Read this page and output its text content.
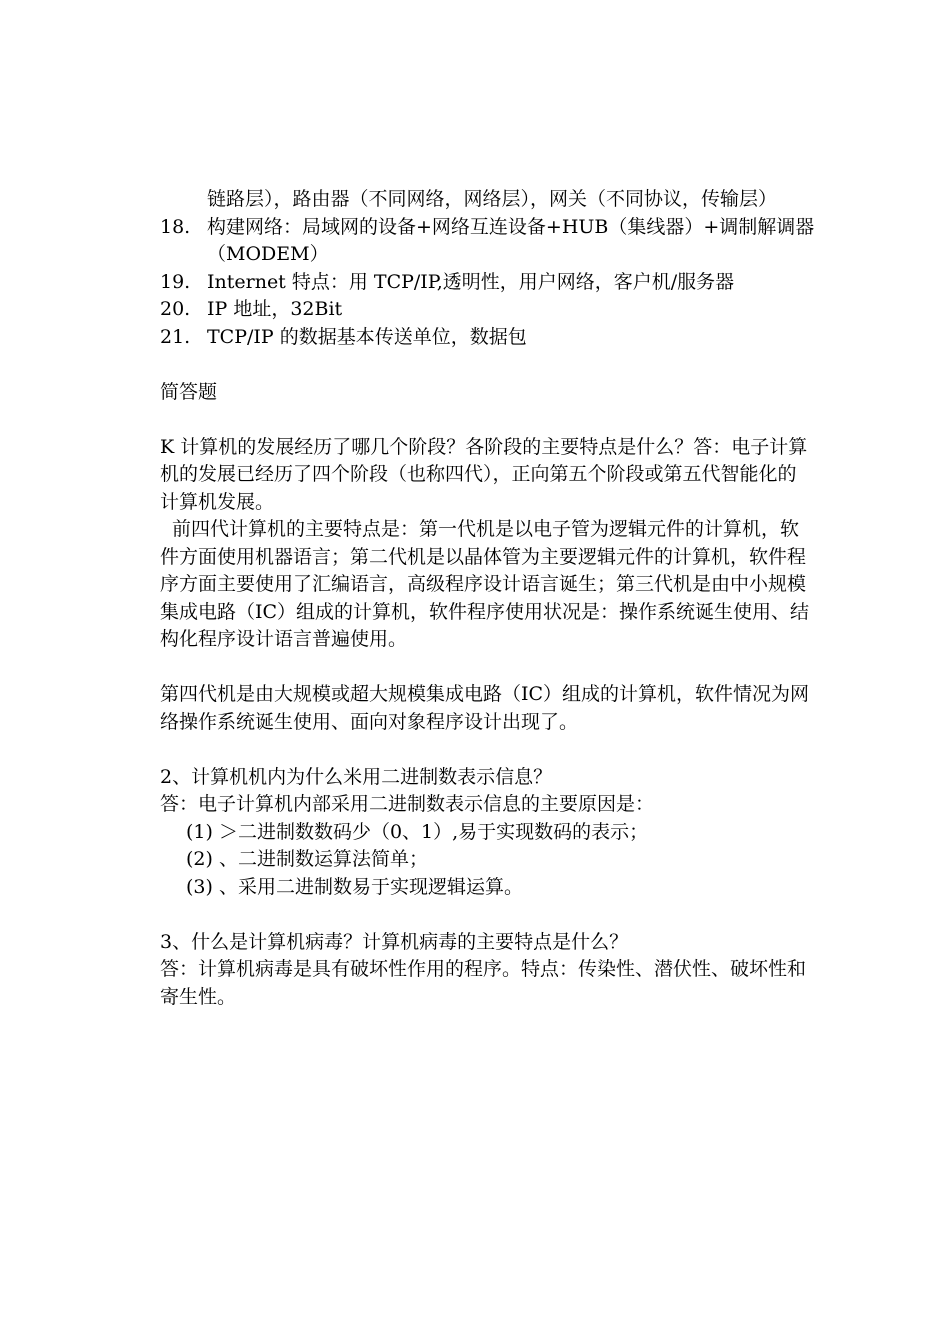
链路层），路由器（不同网络，网络层），网关（不同协议，传输层）
18. 构建网络：局域网的设备+网络互连设备+HUB（集线器）+调制解调器
（MODEM）
19. Internet 特点：用 TCP/IP,透明性，用户网络，客户机/服务器
20. IP 地址，32Bit
21. TCP/IP 的数据基本传送单位，数据包
简答题
K 计算机的发展经历了哪几个阶段？各阶段的主要特点是什么？答：电子计算
机的发展已经历了四个阶段（也称四代），正向第五个阶段或第五代智能化的
计算机发展。
前四代计算机的主要特点是：第一代机是以电子管为逻辑元件的计算机，软
件方面使用机器语言；第二代机是以晶体管为主要逻辑元件的计算机，软件程
序方面主要使用了汇编语言，高级程序设计语言诞生；第三代机是由中小规模
集成电路（IC）组成的计算机，软件程序使用状况是：操作系统诞生使用、结
构化程序设计语言普遍使用。
第四代机是由大规模或超大规模集成电路（IC）组成的计算机，软件情况为网
络操作系统诞生使用、面向对象程序设计出现了。
2、计算机机内为什么米用二进制数表示信息？
答：电子计算机内部采用二进制数表示信息的主要原因是：
(1) ＞二进制数数码少（0、1）,易于实现数码的表示；
(2) 、二进制数运算法简单；
(3) 、采用二进制数易于实现逻辑运算。
3、什么是计算机病毒？计算机病毒的主要特点是什么？
答：计算机病毒是具有破坏性作用的程序。特点：传染性、潜伏性、破坏性和
寄生性。
